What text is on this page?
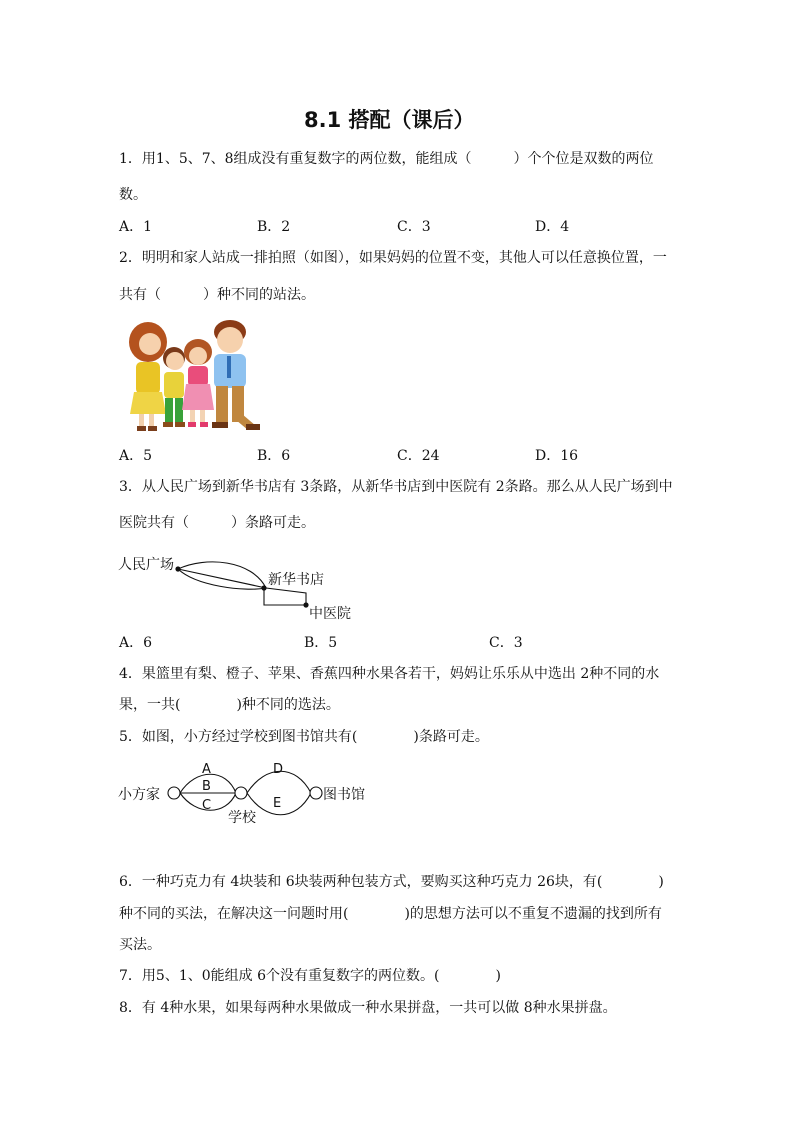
8.1 搭配（课后）
1．用1、5、7、8组成没有重复数字的两位数，能组成（　　　）个个位是双数的两位
数。
A．1	B．2	C．3	D．4
2．明明和家人站成一排拍照（如图），如果妈妈的位置不变，其他人可以任意换位置，一
共有（　　　）种不同的站法。
A．5	B．6	C．24	D．16
3．从人民广场到新华书店有 3条路，从新华书店到中医院有 2条路。那么从人民广场到中
医院共有（　　　）条路可走。
人民广场
新华书店
中医院
A．6	B．5	C．3
4．果篮里有梨、橙子、苹果、香蕉四种水果各若干，妈妈让乐乐从中选出 2种不同的水
果，一共(　　　　)种不同的选法。
5．如图，小方经过学校到图书馆共有(　　　　)条路可走。
小方家
学校
图书馆
A
B
C
D
E
6．一种巧克力有 4块装和 6块装两种包装方式，要购买这种巧克力 26块，有(　　　　)
种不同的买法，在解决这一问题时用(　　　　)的思想方法可以不重复不遗漏的找到所有
买法。
7．用5、1、0能组成 6个没有重复数字的两位数。(　　　　)
8．有 4种水果，如果每两种水果做成一种水果拼盘，一共可以做 8种水果拼盘。
